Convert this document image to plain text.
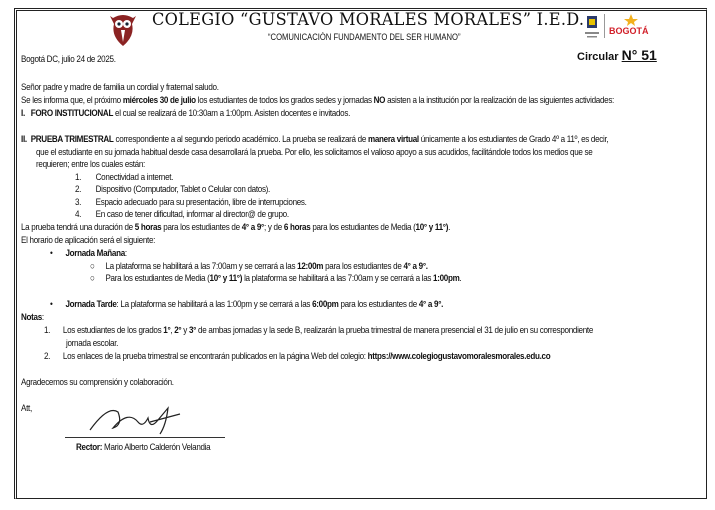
COLEGIO “GUSTAVO MORALES MORALES” I.E.D.
“COMUNICACIÓN FUNDAMENTO DEL SER HUMANO”
BOGOTÁ
Bogotá DC, julio 24 de 2025.	Circular N° 51
Señor padre y madre de familia un cordial y fraternal saludo.
Se les informa que, el próximo miércoles 30 de julio los estudiantes de todos los grados sedes y jornadas NO asisten a la institución por la realización de las siguientes actividades:
I. FORO INSTITUCIONAL el cual se realizará de 10:30am a 1:00pm. Asisten docentes e invitados.
II. PRUEBA TRIMESTRAL correspondiente a al segundo periodo académico. La prueba se realizará de manera virtual únicamente a los estudiantes de Grado 4º a 11º, es decir,
que el estudiante en su jornada habitual desde casa desarrollará la prueba. Por ello, les solicitamos el valioso apoyo a sus acudidos, facilitándole todos los medios que se
requieren; entre los cuales están:
1. Conectividad a internet.
2. Dispositivo (Computador, Tablet o Celular con datos).
3. Espacio adecuado para su presentación, libre de interrupciones.
4. En caso de tener dificultad, informar al director@ de grupo.
La prueba tendrá una duración de 5 horas para los estudiantes de 4° a 9°; y de 6 horas para los estudiantes de Media (10° y 11°).
El horario de aplicación será el siguiente:
• Jornada Mañana:
○ La plataforma se habilitará a las 7:00am y se cerrará a las 12:00m para los estudiantes de 4° a 9°.
○ Para los estudiantes de Media (10° y 11°) la plataforma se habilitará a las 7:00am y se cerrará a las 1:00pm.
• Jornada Tarde: La plataforma se habilitará a las 1:00pm y se cerrará a las 6:00pm para los estudiantes de 4° a 9°.
Notas:
1. Los estudiantes de los grados 1°, 2° y 3° de ambas jornadas y la sede B, realizarán la prueba trimestral de manera presencial el 31 de julio en su correspondiente
jornada escolar.
2. Los enlaces de la prueba trimestral se encontrarán publicados en la página Web del colegio: https://www.colegiogustavomoralesmorales.edu.co
Agradecemos su comprensión y colaboración.
Att,
Rector: Mario Alberto Calderón Velandia
